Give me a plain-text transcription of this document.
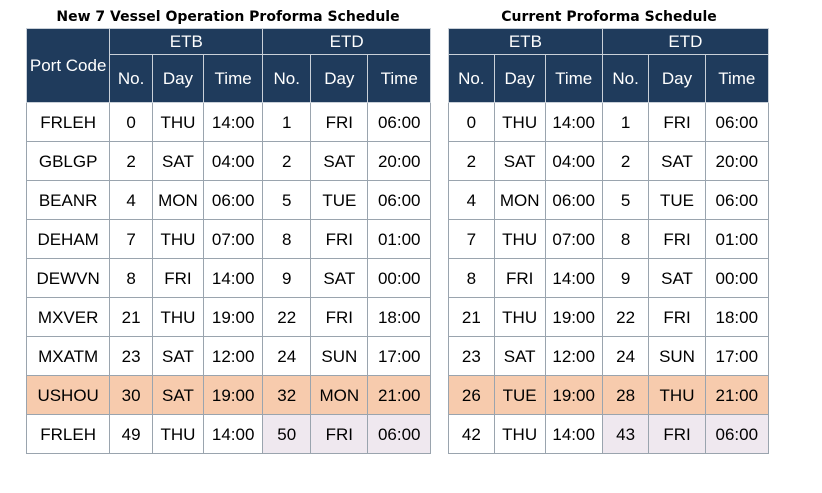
New 7 Vessel Operation Proforma Schedule	Current Proforma Schedule
Port Code	ETB			ETD		
	No.	Day	Time	No.	Day	Time
FRLEH	0	THU	14:00	1	FRI	06:00
GBLGP	2	SAT	04:00	2	SAT	20:00
BEANR	4	MON	06:00	5	TUE	06:00
DEHAM	7	THU	07:00	8	FRI	01:00
DEWVN	8	FRI	14:00	9	SAT	00:00
MXVER	21	THU	19:00	22	FRI	18:00
MXATM	23	SAT	12:00	24	SUN	17:00
USHOU	30	SAT	19:00	32	MON	21:00
FRLEH	49	THU	14:00	50	FRI	06:00
ETB			ETD		
No.	Day	Time	No.	Day	Time
0	THU	14:00	1	FRI	06:00
2	SAT	04:00	2	SAT	20:00
4	MON	06:00	5	TUE	06:00
7	THU	07:00	8	FRI	01:00
8	FRI	14:00	9	SAT	00:00
21	THU	19:00	22	FRI	18:00
23	SAT	12:00	24	SUN	17:00
26	TUE	19:00	28	THU	21:00
42	THU	14:00	43	FRI	06:00
